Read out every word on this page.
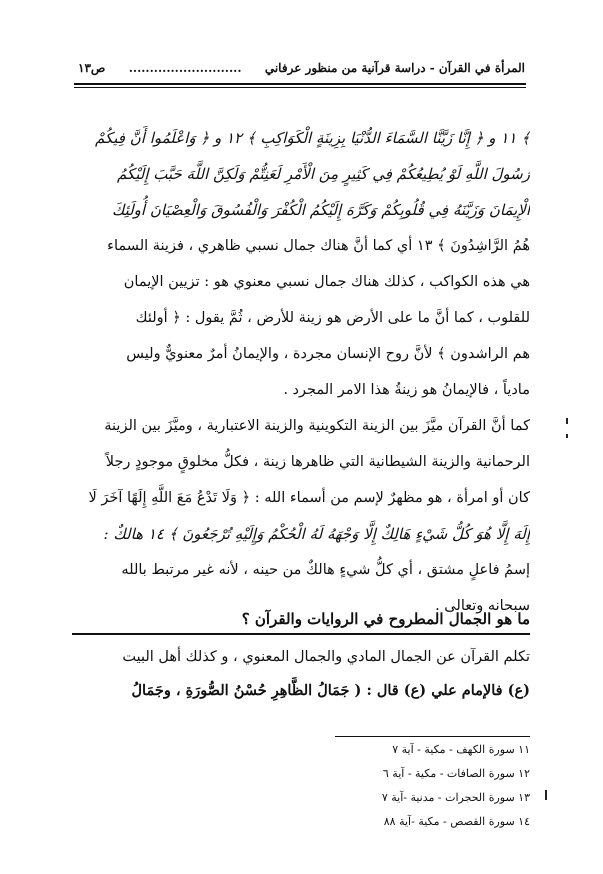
المرأة في القرآن - دراسة قرآنية من منظور عرفاني
...........................
ص١٣
﴾ ١١ و ﴿ إِنَّا زَيَّنَّا السَّمَاءَ الدُّنْيَا بِزِينَةٍ الْكَوَاكِبِ ﴾ ١٢ و ﴿ وَاعْلَمُوا أَنَّ فِيكُمْ
رَسُولَ اللَّهِ لَوْ يُطِيعُكُمْ فِي كَثِيرٍ مِنَ الْأَمْرِ لَعَنِتُّمْ وَلَكِنَّ اللَّهَ حَبَّبَ إِلَيْكُمُ
الْإِيمَانَ وَزَيَّنَهُ فِي قُلُوبِكُمْ وَكَرَّهَ إِلَيْكُمُ الْكُفْرَ وَالْفُسُوقَ وَالْعِصْيَانَ أُولَئِكَ
هُمُ الرَّاشِدُونَ ﴾ ١٣ أي كما أنَّ هناك جمال نسبي ظاهري ، فزينة السماء
هي هذه الكواكب ، كذلك هناك جمال نسبي معنوي هو : تزيين الإيمان
للقلوب ، كما أنَّ ما على الأرض هو زينة للأرض ، ثُمَّ يقول : ﴿ أولئك
هم الراشدون ﴾ لأنَّ روح الإنسان مجردة ، والإيمانُ أمرٌ معنويٌّ وليس
مادياً ، فالإيمانُ هو زينةُ هذا الامر المجرد .
كما أنَّ القرآن ميَّزَ بين الزينة التكوينية والزينة الاعتبارية ، وميَّزَ بين الزينة
الرحمانية والزينة الشيطانية التي ظاهرها زينة ، فكلُّ مخلوقٍ موجودٍ رجلاً
كان أو امرأة ، هو مظهرٌ لإسم من أسماء الله : ﴿ وَلَا تَدْعُ مَعَ اللَّهِ إِلَهًا آخَرَ لَا
إِلَهَ إِلَّا هُوَ كُلُّ شَيْءٍ هَالِكٌ إِلَّا وَجْهَهُ لَهُ الْحُكْمُ وَإِلَيْهِ تُرْجَعُونَ ﴾ ١٤ هالكٌ :
إسمُ فاعلٍ مشتق ، أي كلُّ شيءٍ هالكٌ من حينه ، لأنه غير مرتبط بالله
سبحانه وتعالى .
ما هو الجمال المطروح في الروايات والقرآن ؟
تكلم القرآن عن الجمال المادي والجمال المعنوي ، و كذلك أهل البيت
(ع) فالإمام علي (ع) قال : ( جَمَالُ الظَّاهِرِ حُسْنُ الصُّورَةِ ، وجَمَالُ
١١ سورة الكهف - مكية - آية ٧
١٢ سورة الصافات - مكية - آية ٦
١٣ سورة الحجرات - مدنية -آية ٧
١٤ سورة القصص - مكية -آية ٨٨
